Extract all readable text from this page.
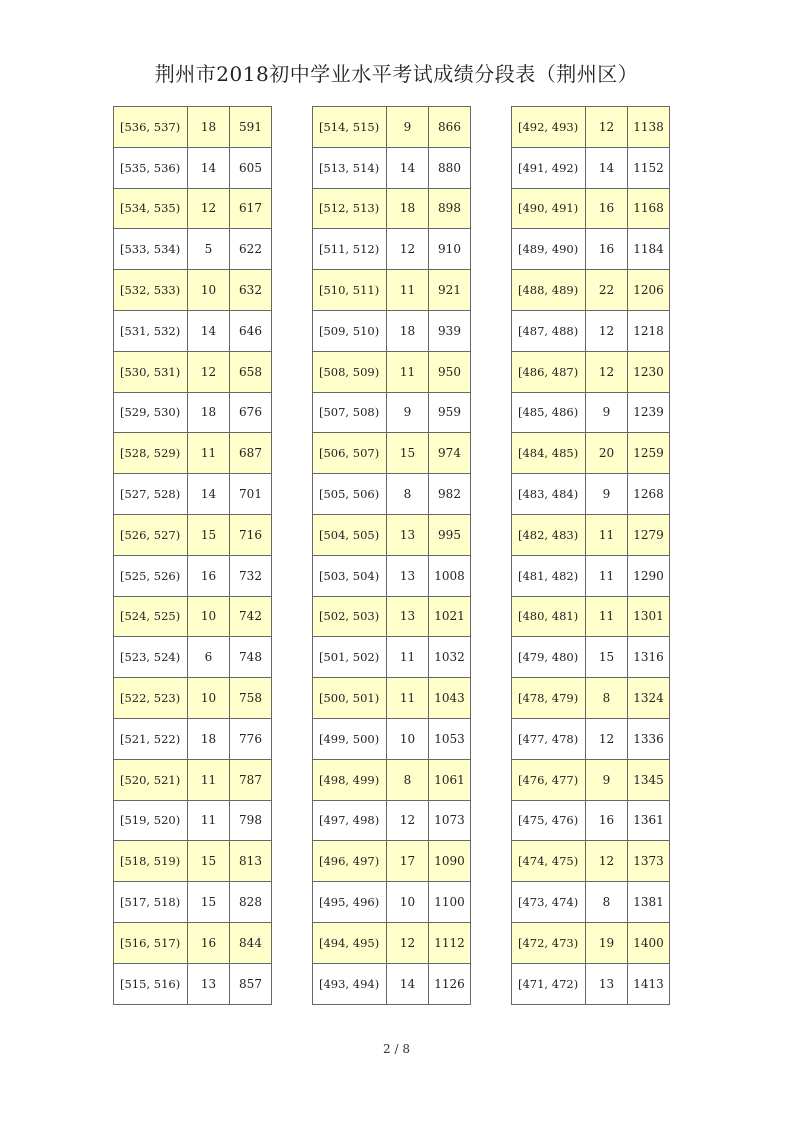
荆州市2018初中学业水平考试成绩分段表（荆州区）
[536, 537)	18	591
[535, 536)	14	605
[534, 535)	12	617
[533, 534)	5	622
[532, 533)	10	632
[531, 532)	14	646
[530, 531)	12	658
[529, 530)	18	676
[528, 529)	11	687
[527, 528)	14	701
[526, 527)	15	716
[525, 526)	16	732
[524, 525)	10	742
[523, 524)	6	748
[522, 523)	10	758
[521, 522)	18	776
[520, 521)	11	787
[519, 520)	11	798
[518, 519)	15	813
[517, 518)	15	828
[516, 517)	16	844
[515, 516)	13	857
[514, 515)	9	866
[513, 514)	14	880
[512, 513)	18	898
[511, 512)	12	910
[510, 511)	11	921
[509, 510)	18	939
[508, 509)	11	950
[507, 508)	9	959
[506, 507)	15	974
[505, 506)	8	982
[504, 505)	13	995
[503, 504)	13	1008
[502, 503)	13	1021
[501, 502)	11	1032
[500, 501)	11	1043
[499, 500)	10	1053
[498, 499)	8	1061
[497, 498)	12	1073
[496, 497)	17	1090
[495, 496)	10	1100
[494, 495)	12	1112
[493, 494)	14	1126
[492, 493)	12	1138
[491, 492)	14	1152
[490, 491)	16	1168
[489, 490)	16	1184
[488, 489)	22	1206
[487, 488)	12	1218
[486, 487)	12	1230
[485, 486)	9	1239
[484, 485)	20	1259
[483, 484)	9	1268
[482, 483)	11	1279
[481, 482)	11	1290
[480, 481)	11	1301
[479, 480)	15	1316
[478, 479)	8	1324
[477, 478)	12	1336
[476, 477)	9	1345
[475, 476)	16	1361
[474, 475)	12	1373
[473, 474)	8	1381
[472, 473)	19	1400
[471, 472)	13	1413
2 / 8
